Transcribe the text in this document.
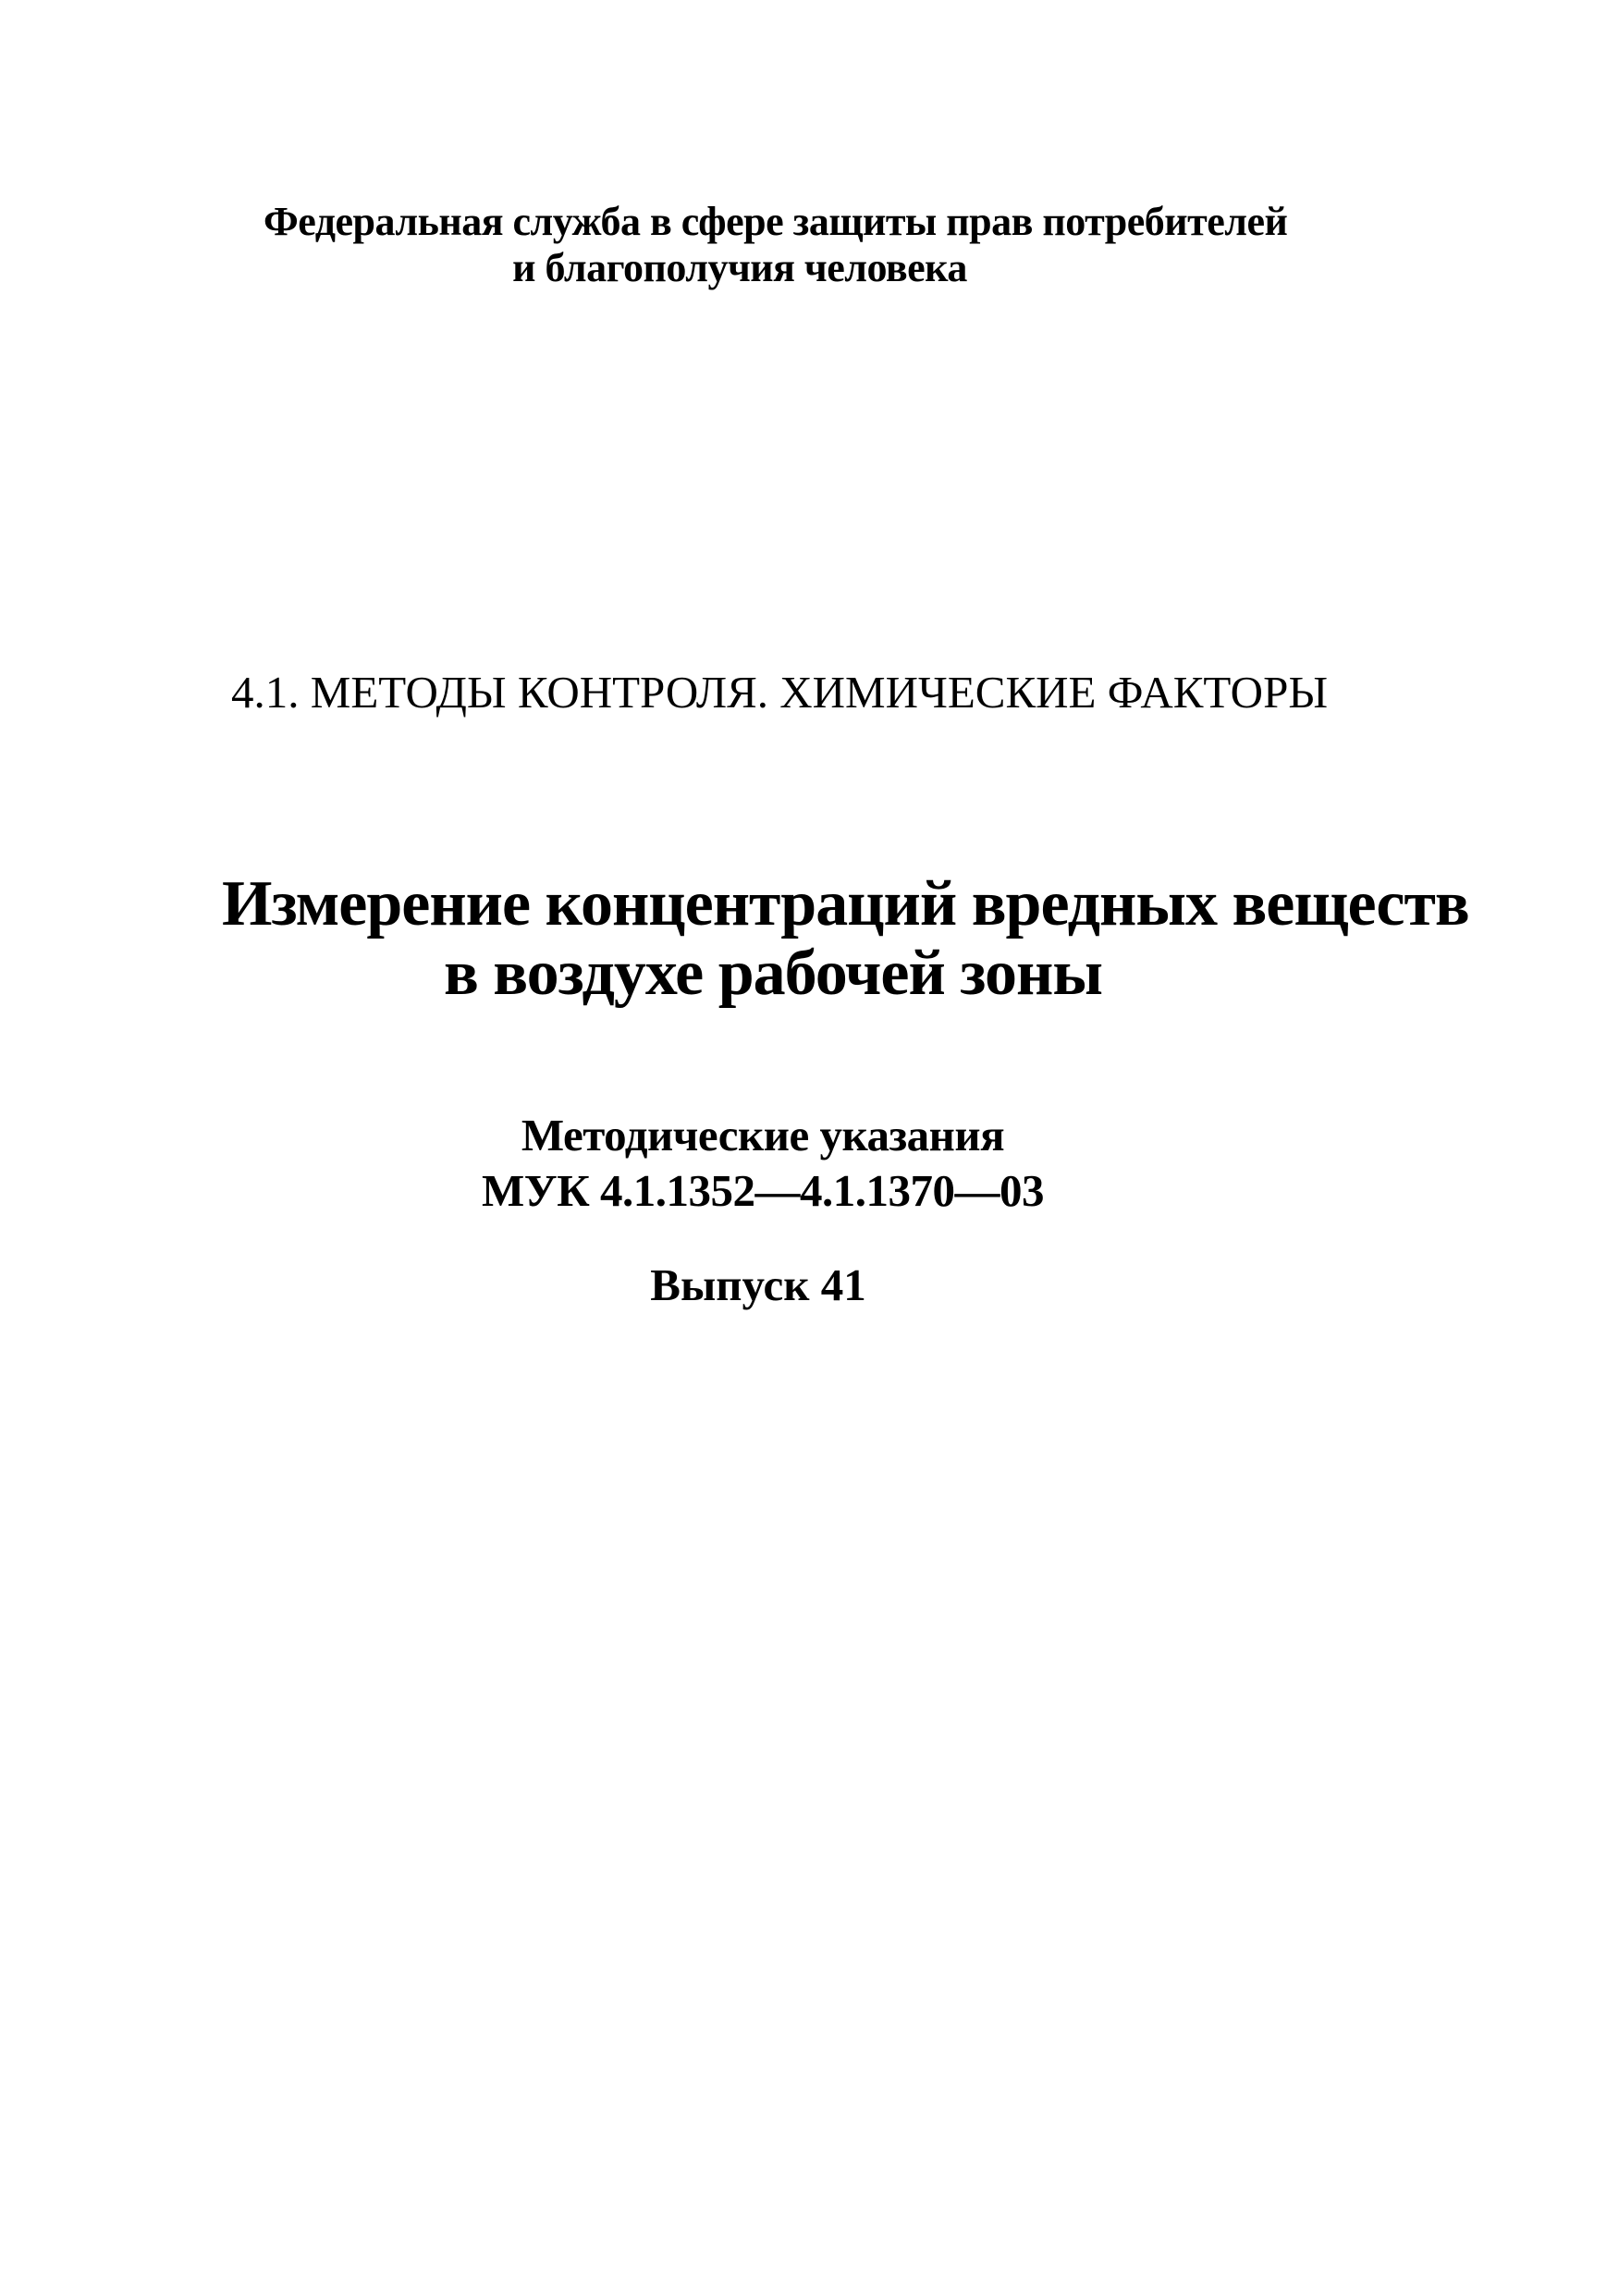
Федеральная служба в сфере защиты прав потребителей
и благополучия человека
4.1. МЕТОДЫ КОНТРОЛЯ. ХИМИЧЕСКИЕ ФАКТОРЫ
Измерение концентраций вредных веществ
в воздухе рабочей зоны
Методические указания
МУК 4.1.1352—4.1.1370—03
Выпуск 41
